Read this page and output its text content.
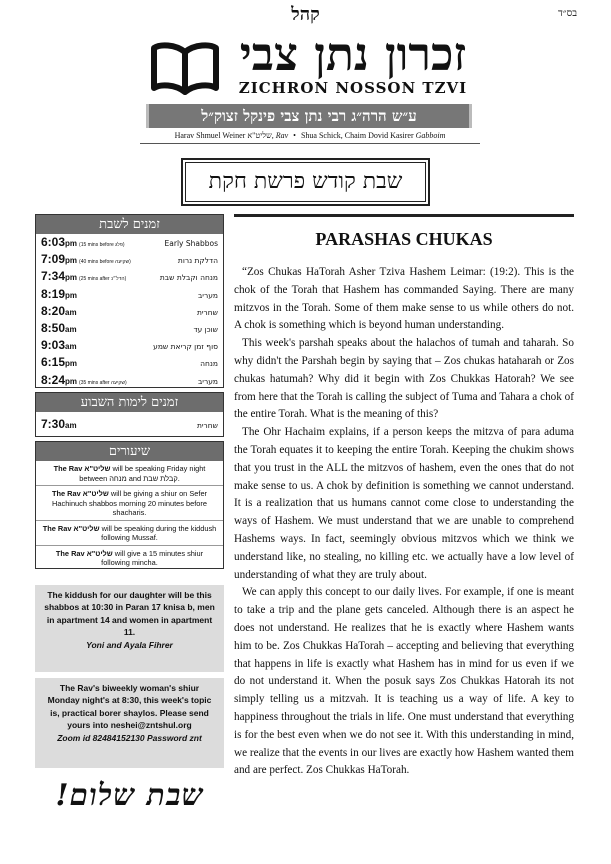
בס״ד
קהל
זכרון נתן צבי
ZICHRON NOSSON TZVI
ע״ש הרה״ג רבי נתן צבי פינקל זצוק״ל
Harav Shmuel Weiner שליט"א, Rav • Shua Schick, Chaim Dovid Kasirer Gabboim
שבת קודש פרשת חקת
זמנים לשבת
6:03pm (15 mins before פלג)	Early Shabbos
7:09pm (40 mins before שקיעה)	הדלקת נרות
7:34pm (25 mins after הדל״נ)	מנחה וקבלת שבת
8:19pm	מעריב
8:20am	שחרית
8:50am	שוכן עד
9:03am	סוף זמן קריאת שמע
6:15pm	מנחה
8:24pm (35 mins after שקיעה)	מעריב
זמנים לימות השבוע
7:30am	שחרית
שיעורים
The Rav שליט"א will be speaking Friday night between מנחה and קבלת שבת.
The Rav שליט"א will be giving a shiur on Sefer Hachinuch shabbos morning 20 minutes before shacharis.
The Rav שליט"א will be speaking during the kiddush following Mussaf.
The Rav שליט"א will give a 15 minutes shiur following mincha.
The kiddush for our daughter will be this shabbos at 10:30 in Paran 17 knisa b, men in apartment 14 and women in apartment 11.
Yoni and Ayala Fihrer
The Rav's biweekly woman's shiur Monday night's at 8:30, this week's topic is, practical borer shaylos. Please send yours into neshei@zntshul.org
Zoom id 82484152130 Password znt
שבת שלום!
PARASHAS CHUKAS

“Zos Chukas HaTorah Asher Tziva Hashem Leimar: (19:2). This is the chok of the Torah that Hashem has commanded Saying. There are many mitzvos in the Torah. Some of them make sense to us while others do not. A chok is something which is beyond human understanding.

This week's parshah speaks about the halachos of tumah and taharah. So why didn't the Parshah begin by saying that – Zos chukas hataharah or Zos chukas hatumah? Why did it begin with Zos Chukkas Hatorah? We see from here that the Torah is calling the subject of Tuma and Tahara a chok of the entire Torah. What is the meaning of this?

The Ohr Hachaim explains, if a person keeps the mitzva of para aduma the Torah equates it to keeping the entire Torah. Keeping the chukim shows that you trust in the ALL the mitzvos of hashem, even the ones that do not make sense to us. A chok by definition is something we cannot understand. It is a realization that us humans cannot come close to understanding the ways of Hashem. We must understand that we are unable to comprehend Hashems ways. In fact, seemingly obvious mitzvos which we think we understand like, no stealing, no killing etc. we actually have a low level of understanding of what they are truly about.

We can apply this concept to our daily lives. For example, if one is meant to take a trip and the plane gets canceled. Although there is an aspect he does not understand. He realizes that he is exactly where Hashem wants him to be. Zos Chukkas HaTorah – accepting and believing that everything that happens in life is exactly what Hashem has in mind for us even if we do not understand it. When the posuk says Zos Chukkas Hatorah its not simply telling us a mitzvah. It is teaching us a way of life. A key to happiness throughout the trials in life. One must understand that everything is for the best even when we do not see it. With this understanding in mind, we realize that the events in our lives are exactly how Hashem wanted them and are perfect. Zos Chukkas HaTorah.
